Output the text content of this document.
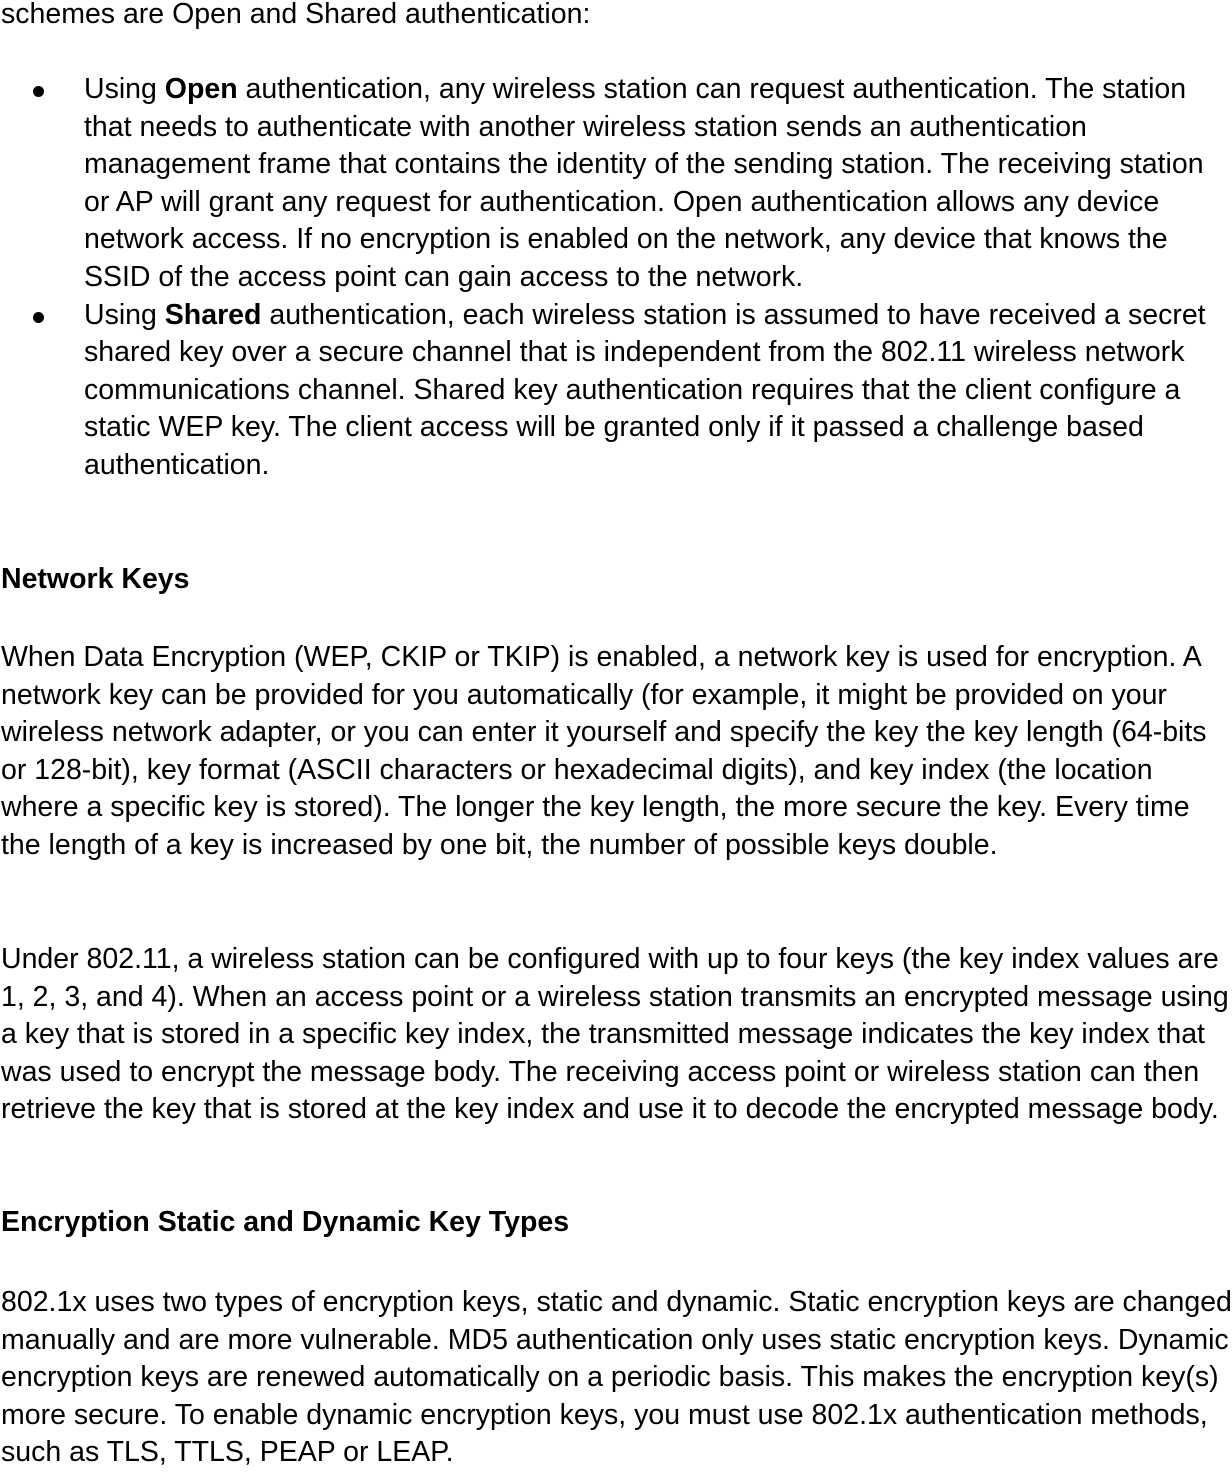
schemes are Open and Shared authentication:

Using Open authentication, any wireless station can request authentication. The station that needs to authenticate with another wireless station sends an authentication management frame that contains the identity of the sending station. The receiving station or AP will grant any request for authentication. Open authentication allows any device network access. If no encryption is enabled on the network, any device that knows the SSID of the access point can gain access to the network.
Using Shared authentication, each wireless station is assumed to have received a secret shared key over a secure channel that is independent from the 802.11 wireless network communications channel. Shared key authentication requires that the client configure a static WEP key. The client access will be granted only if it passed a challenge based authentication.
Network Keys

When Data Encryption (WEP, CKIP or TKIP) is enabled, a network key is used for encryption. A network key can be provided for you automatically (for example, it might be provided on your wireless network adapter, or you can enter it yourself and specify the key the key length (64-bits or 128-bit), key format (ASCII characters or hexadecimal digits), and key index (the location where a specific key is stored). The longer the key length, the more secure the key. Every time the length of a key is increased by one bit, the number of possible keys double.

Under 802.11, a wireless station can be configured with up to four keys (the key index values are 1, 2, 3, and 4). When an access point or a wireless station transmits an encrypted message using a key that is stored in a specific key index, the transmitted message indicates the key index that was used to encrypt the message body. The receiving access point or wireless station can then retrieve the key that is stored at the key index and use it to decode the encrypted message body.

Encryption Static and Dynamic Key Types

802.1x uses two types of encryption keys, static and dynamic. Static encryption keys are changed manually and are more vulnerable. MD5 authentication only uses static encryption keys. Dynamic encryption keys are renewed automatically on a periodic basis. This makes the encryption key(s) more secure. To enable dynamic encryption keys, you must use 802.1x authentication methods, such as TLS, TTLS, PEAP or LEAP.
